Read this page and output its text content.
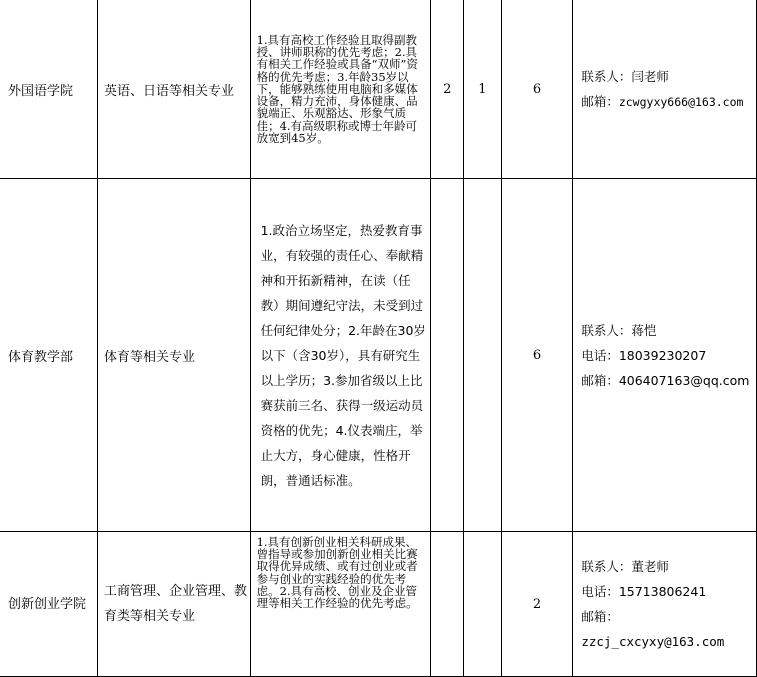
外国语学院	英语、日语等相关专业	1.具有高校工作经验且取得副教授、讲师职称的优先考虑；2.具有相关工作经验或具备“双师”资格的优先考虑；3.年龄35岁以下，能够熟练使用电脑和多媒体设备，精力充沛，身体健康、品貌端正、乐观豁达、形象气质佳；4.有高级职称或博士年龄可放宽到45岁。	2	1	6	联系人：闫老师
邮箱：zcwgyxy666@163.com

体育教学部	体育等相关专业	1.政治立场坚定，热爱教育事业，有较强的责任心、奉献精神和开拓新精神，在读（任教）期间遵纪守法，未受到过任何纪律处分；2.年龄在30岁以下（含30岁），具有研究生以上学历；3.参加省级以上比赛获前三名、获得一级运动员资格的优先；4.仪表端庄，举止大方，身心健康，性格开朗，普通话标准。			6	联系人：蒋恺
电话：18039230207
邮箱：406407163@qq.com

创新创业学院	工商管理、企业管理、教育类等相关专业	1.具有创新创业相关科研成果、曾指导或参加创新创业相关比赛取得优异成绩、或有过创业或者参与创业的实践经验的优先考虑。2.具有高校、创业及企业管理等相关工作经验的优先考虑。			2	联系人：董老师
电话：15713806241
邮箱：
zzcj_cxcyxy@163.com
